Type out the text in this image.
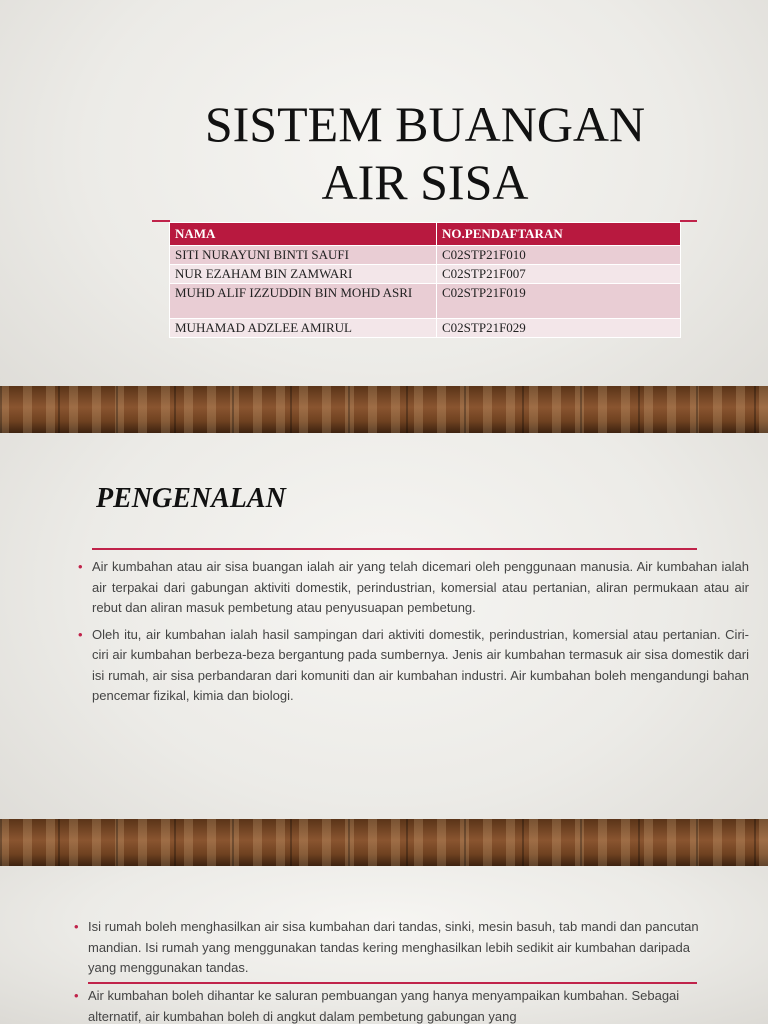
SISTEM BUANGAN
AIR SISA
NAMA	NO.PENDAFTARAN
SITI NURAYUNI BINTI SAUFI	C02STP21F010
NUR EZAHAM BIN ZAMWARI	C02STP21F007
MUHD ALIF IZZUDDIN BIN MOHD ASRI	C02STP21F019
MUHAMAD ADZLEE AMIRUL	C02STP21F029
PENGENALAN
• Air kumbahan atau air sisa buangan ialah air yang telah dicemari oleh penggunaan manusia. Air kumbahan ialah air terpakai dari gabungan aktiviti domestik, perindustrian, komersial atau pertanian, aliran permukaan atau air rebut dan aliran masuk pembetung atau penyusuapan pembetung.
• Oleh itu, air kumbahan ialah hasil sampingan dari aktiviti domestik, perindustrian, komersial atau pertanian. Ciri-ciri air kumbahan berbeza-beza bergantung pada sumbernya. Jenis air kumbahan termasuk air sisa domestik dari isi rumah, air sisa perbandaran dari komuniti dan air kumbahan industri. Air kumbahan boleh mengandungi bahan pencemar fizikal, kimia dan biologi.
• Isi rumah boleh menghasilkan air sisa kumbahan dari tandas, sinki, mesin basuh, tab mandi dan pancutan mandian. Isi rumah yang menggunakan tandas kering menghasilkan lebih sedikit air kumbahan daripada yang menggunakan tandas.
• Air kumbahan boleh dihantar ke saluran pembuangan yang hanya menyampaikan kumbahan. Sebagai alternatif, air kumbahan boleh di angkut dalam pembetung gabungan yang
